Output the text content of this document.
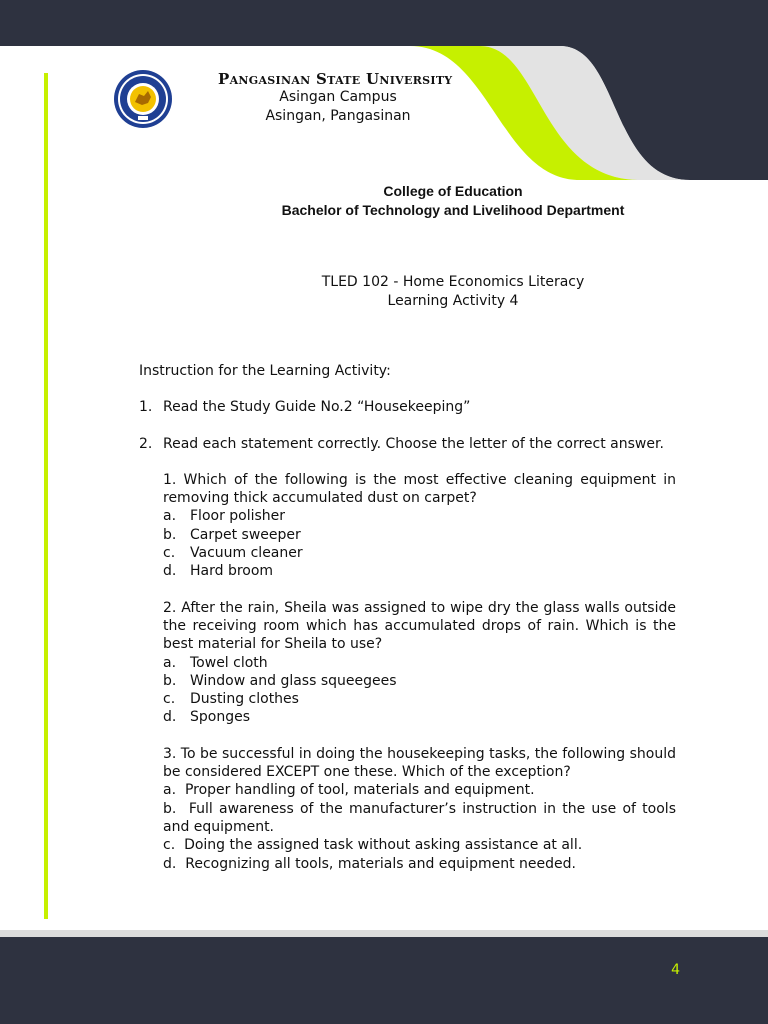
Pangasinan State University
Asingan Campus
Asingan, Pangasinan
College of Education
Bachelor of Technology and Livelihood Department
TLED 102 - Home Economics Literacy
Learning Activity 4
Instruction for the Learning Activity:
1. Read the Study Guide No.2 “Housekeeping”
2. Read each statement correctly. Choose the letter of the correct answer.
1. Which of the following is the most effective cleaning equipment in removing thick accumulated dust on carpet?
a. Floor polisher
b. Carpet sweeper
c.	Vacuum cleaner
d. Hard broom
2. After the rain, Sheila was assigned to wipe dry the glass walls outside the receiving room which has accumulated drops of rain. Which is the best material for Sheila to use?
a. Towel cloth
b. Window and glass squeegees
c.	Dusting clothes
d. Sponges
3. To be successful in doing the housekeeping tasks, the following should be considered EXCEPT one these. Which of the exception?
a. Proper handling of tool, materials and equipment.
b. Full awareness of the manufacturer’s instruction in the use of tools and equipment.
c. Doing the assigned task without asking assistance at all.
d. Recognizing all tools, materials and equipment needed.
4
